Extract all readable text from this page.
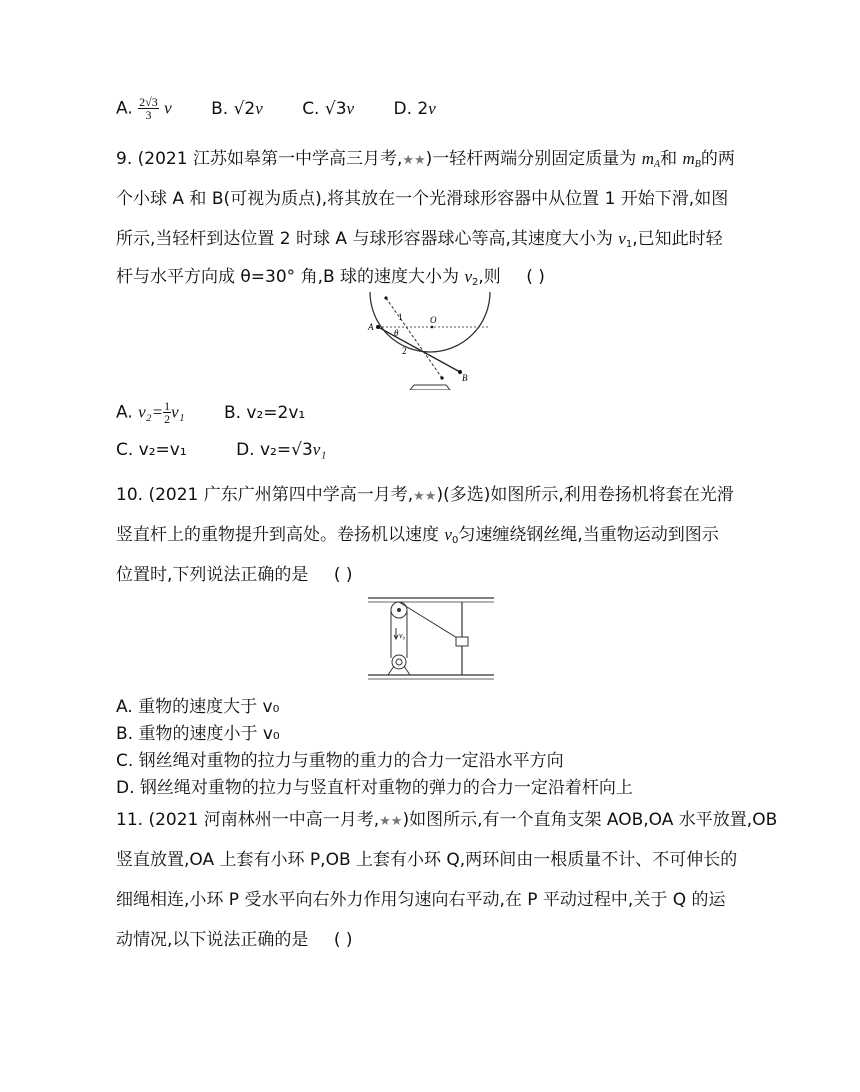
A. $\frac{2√3}{3}$ v B. √2v C. √3v D. 2v
9. (2021 江苏如皋第一中学高三月考,★★)一轻杆两端分别固定质量为 $m_A$和 $m_B$的两
个小球 A 和 B(可视为质点),将其放在一个光滑球形容器中从位置 1 开始下滑,如图
所示,当轻杆到达位置 2 时球 A 与球形容器球心等高,其速度大小为 $v_1$,已知此时轻
杆与水平方向成 θ=30° 角,B 球的速度大小为 $v_2$,则 ( )
A
O
B
1
2
θ
A. $v_2= \frac{1}{2} v_1$ B. v₂=2v₁
C. v₂=v₁	D. v₂=√3v₁
10. (2021 广东广州第四中学高一月考,★★)(多选)如图所示,利用卷扬机将套在光滑
竖直杆上的重物提升到高处。卷扬机以速度 $v_0$匀速缠绕钢丝绳,当重物运动到图示
位置时,下列说法正确的是 ( )
v₀
A. 重物的速度大于 v₀
B. 重物的速度小于 v₀
C. 钢丝绳对重物的拉力与重物的重力的合力一定沿水平方向
D. 钢丝绳对重物的拉力与竖直杆对重物的弹力的合力一定沿着杆向上
11. (2021 河南林州一中高一月考,★★)如图所示,有一个直角支架 AOB,OA 水平放置,OB
竖直放置,OA 上套有小环 P,OB 上套有小环 Q,两环间由一根质量不计、不可伸长的
细绳相连,小环 P 受水平向右外力作用匀速向右平动,在 P 平动过程中,关于 Q 的运
动情况,以下说法正确的是 ( )
